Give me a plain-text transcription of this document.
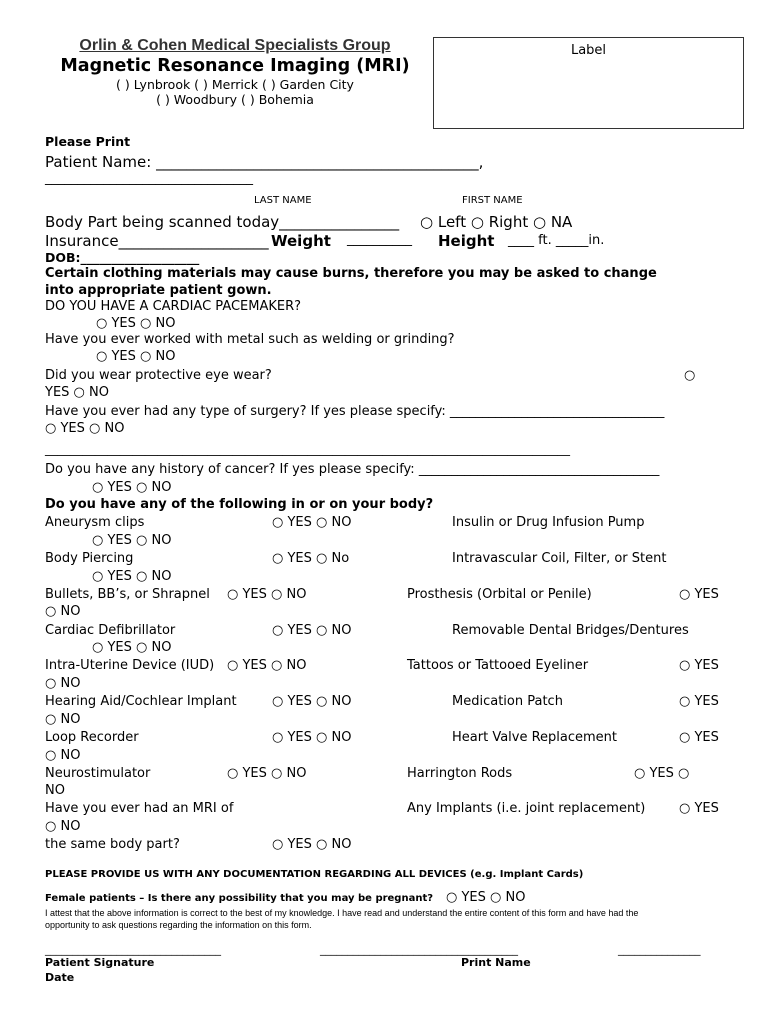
Orlin & Cohen Medical Specialists Group
Magnetic Resonance Imaging (MRI)
( ) Lynbrook ( ) Merrick ( ) Garden City
( ) Woodbury ( ) Bohemia
Label
Please Print
Patient Name: ___________________________________________,
________________________________
LAST NAME	FIRST NAME
Body Part being scanned today________________ ○ Left ○ Right ○ NA
Insurance____________________ Weight __________ Height ____ ft. _____in.
DOB:___________________
Certain clothing materials may cause burns, therefore you may be asked to change
into appropriate patient gown.
DO YOU HAVE A CARDIAC PACEMAKER?
○ YES ○ NO
Have you ever worked with metal such as welding or grinding?
○ YES ○ NO
Did you wear protective eye wear?	○
YES ○ NO
Have you ever had any type of surgery? If yes please specify: _________________________________
○ YES ○ NO
____________________________________________________________________________________
Do you have any history of cancer? If yes please specify: _____________________________________
○ YES ○ NO
Do you have any of the following in or on your body?
Aneurysm clips	○ YES ○ NO	Insulin or Drug Infusion Pump
○ YES ○ NO
Body Piercing	○ YES ○ No	Intravascular Coil, Filter, or Stent
○ YES ○ NO
Bullets, BB’s, or Shrapnel ○ YES ○ NO	Prosthesis (Orbital or Penile)	○ YES
○ NO
Cardiac Defibrillator	○ YES ○ NO	Removable Dental Bridges/Dentures
○ YES ○ NO
Intra-Uterine Device (IUD) ○ YES ○ NO	Tattoos or Tattooed Eyeliner	○ YES
○ NO
Hearing Aid/Cochlear Implant	○ YES ○ NO	Medication Patch	○ YES
○ NO
Loop Recorder	○ YES ○ NO	Heart Valve Replacement	○ YES
○ NO
Neurostimulator	○ YES ○ NO	Harrington Rods	○ YES ○
NO
Have you ever had an MRI of	Any Implants (i.e. joint replacement)	○ YES
○ NO
the same body part?	○ YES ○ NO
PLEASE PROVIDE US WITH ANY DOCUMENTATION REGARDING ALL DEVICES (e.g. Implant Cards)
Female patients – Is there any possibility that you may be pregnant? ○ YES ○ NO
I attest that the above information is correct to the best of my knowledge. I have read and understand the entire content of this form and have had the
opportunity to ask questions regarding the information on this form.
________________________________	____________________________________	_______________
Patient Signature	Print Name
Date
